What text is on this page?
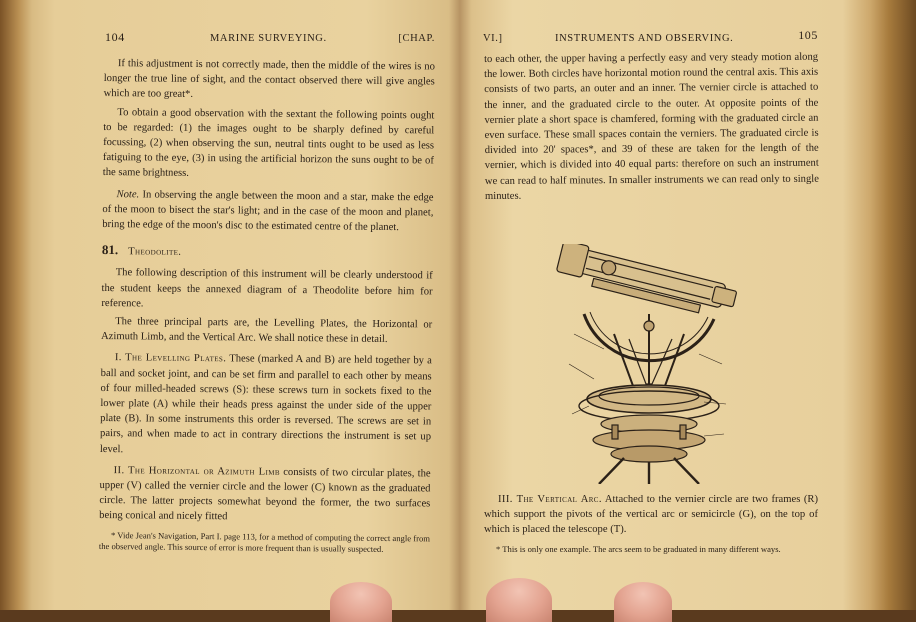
104	MARINE SURVEYING.	[CHAP.

If this adjustment is not correctly made, then the middle of the wires is no longer the true line of sight, and the contact observed there will give angles which are too great*.

To obtain a good observation with the sextant the following points ought to be regarded: (1) the images ought to be sharply defined by careful focussing, (2) when observing the sun, neutral tints ought to be used as less fatiguing to the eye, (3) in using the artificial horizon the suns ought to be of the same brightness.

Note. In observing the angle between the moon and a star, make the edge of the moon to bisect the star's light; and in the case of the moon and planet, bring the edge of the moon's disc to the estimated centre of the planet.

81. Theodolite.

The following description of this instrument will be clearly understood if the student keeps the annexed diagram of a Theodolite before him for reference.

The three principal parts are, the Levelling Plates, the Horizontal or Azimuth Limb, and the Vertical Arc. We shall notice these in detail.

I. The Levelling Plates. These (marked A and B) are held together by a ball and socket joint, and can be set firm and parallel to each other by means of four milled-headed screws (S): these screws turn in sockets fixed to the lower plate (A) while their heads press against the under side of the upper plate (B). In some instruments this order is reversed. The screws are set in pairs, and when made to act in contrary directions the instrument is set up level.

II. The Horizontal or Azimuth Limb consists of two circular plates, the upper (V) called the vernier circle and the lower (C) known as the graduated circle. The latter projects somewhat beyond the former, the two surfaces being conical and nicely fitted

* Vide Jean's Navigation, Part I. page 113, for a method of computing the correct angle from the observed angle. This source of error is more frequent than is usually suspected.

VI.]	INSTRUMENTS AND OBSERVING.	105

to each other, the upper having a perfectly easy and very steady motion along the lower. Both circles have horizontal motion round the central axis. This axis consists of two parts, an outer and an inner. The vernier circle is attached to the inner, and the graduated circle to the outer. At opposite points of the vernier plate a short space is chamfered, forming with the graduated circle an even surface. These small spaces contain the verniers. The graduated circle is divided into 20' spaces*, and 39 of these are taken for the length of the vernier, which is divided into 40 equal parts: therefore on such an instrument we can read to half minutes. In smaller instruments we can read only to single minutes.

III. The Vertical Arc. Attached to the vernier circle are two frames (R) which support the pivots of the vertical arc or semicircle (G), on the top of which is placed the telescope (T).

* This is only one example. The arcs seem to be graduated in many different ways.
